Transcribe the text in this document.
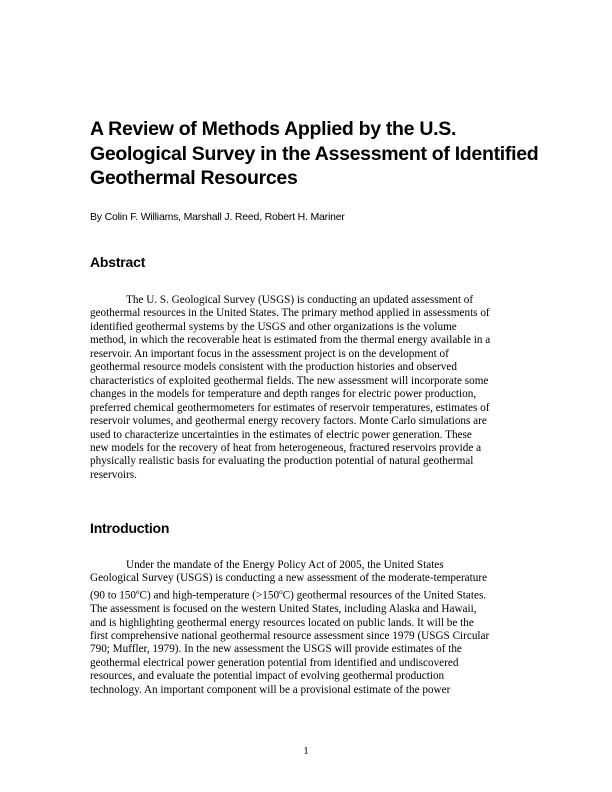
A Review of Methods Applied by the U.S.
Geological Survey in the Assessment of Identified
Geothermal Resources
By Colin F. Williams, Marshall J. Reed, Robert H. Mariner
Abstract
The U. S. Geological Survey (USGS) is conducting an updated assessment of
geothermal resources in the United States. The primary method applied in assessments of
identified geothermal systems by the USGS and other organizations is the volume
method, in which the recoverable heat is estimated from the thermal energy available in a
reservoir. An important focus in the assessment project is on the development of
geothermal resource models consistent with the production histories and observed
characteristics of exploited geothermal fields. The new assessment will incorporate some
changes in the models for temperature and depth ranges for electric power production,
preferred chemical geothermometers for estimates of reservoir temperatures, estimates of
reservoir volumes, and geothermal energy recovery factors. Monte Carlo simulations are
used to characterize uncertainties in the estimates of electric power generation. These
new models for the recovery of heat from heterogeneous, fractured reservoirs provide a
physically realistic basis for evaluating the production potential of natural geothermal
reservoirs.
Introduction
Under the mandate of the Energy Policy Act of 2005, the United States
Geological Survey (USGS) is conducting a new assessment of the moderate-temperature
(90 to 150$^o$C) and high-temperature $(>150^oC)$ geothermal resources of the United States.
The assessment is focused on the western United States, including Alaska and Hawaii,
and is highlighting geothermal energy resources located on public lands. It will be the
first comprehensive national geothermal resource assessment since 1979 (USGS Circular
790; Muffler, 1979). In the new assessment the USGS will provide estimates of the
geothermal electrical power generation potential from identified and undiscovered
resources, and evaluate the potential impact of evolving geothermal production
technology. An important component will be a provisional estimate of the power
1
